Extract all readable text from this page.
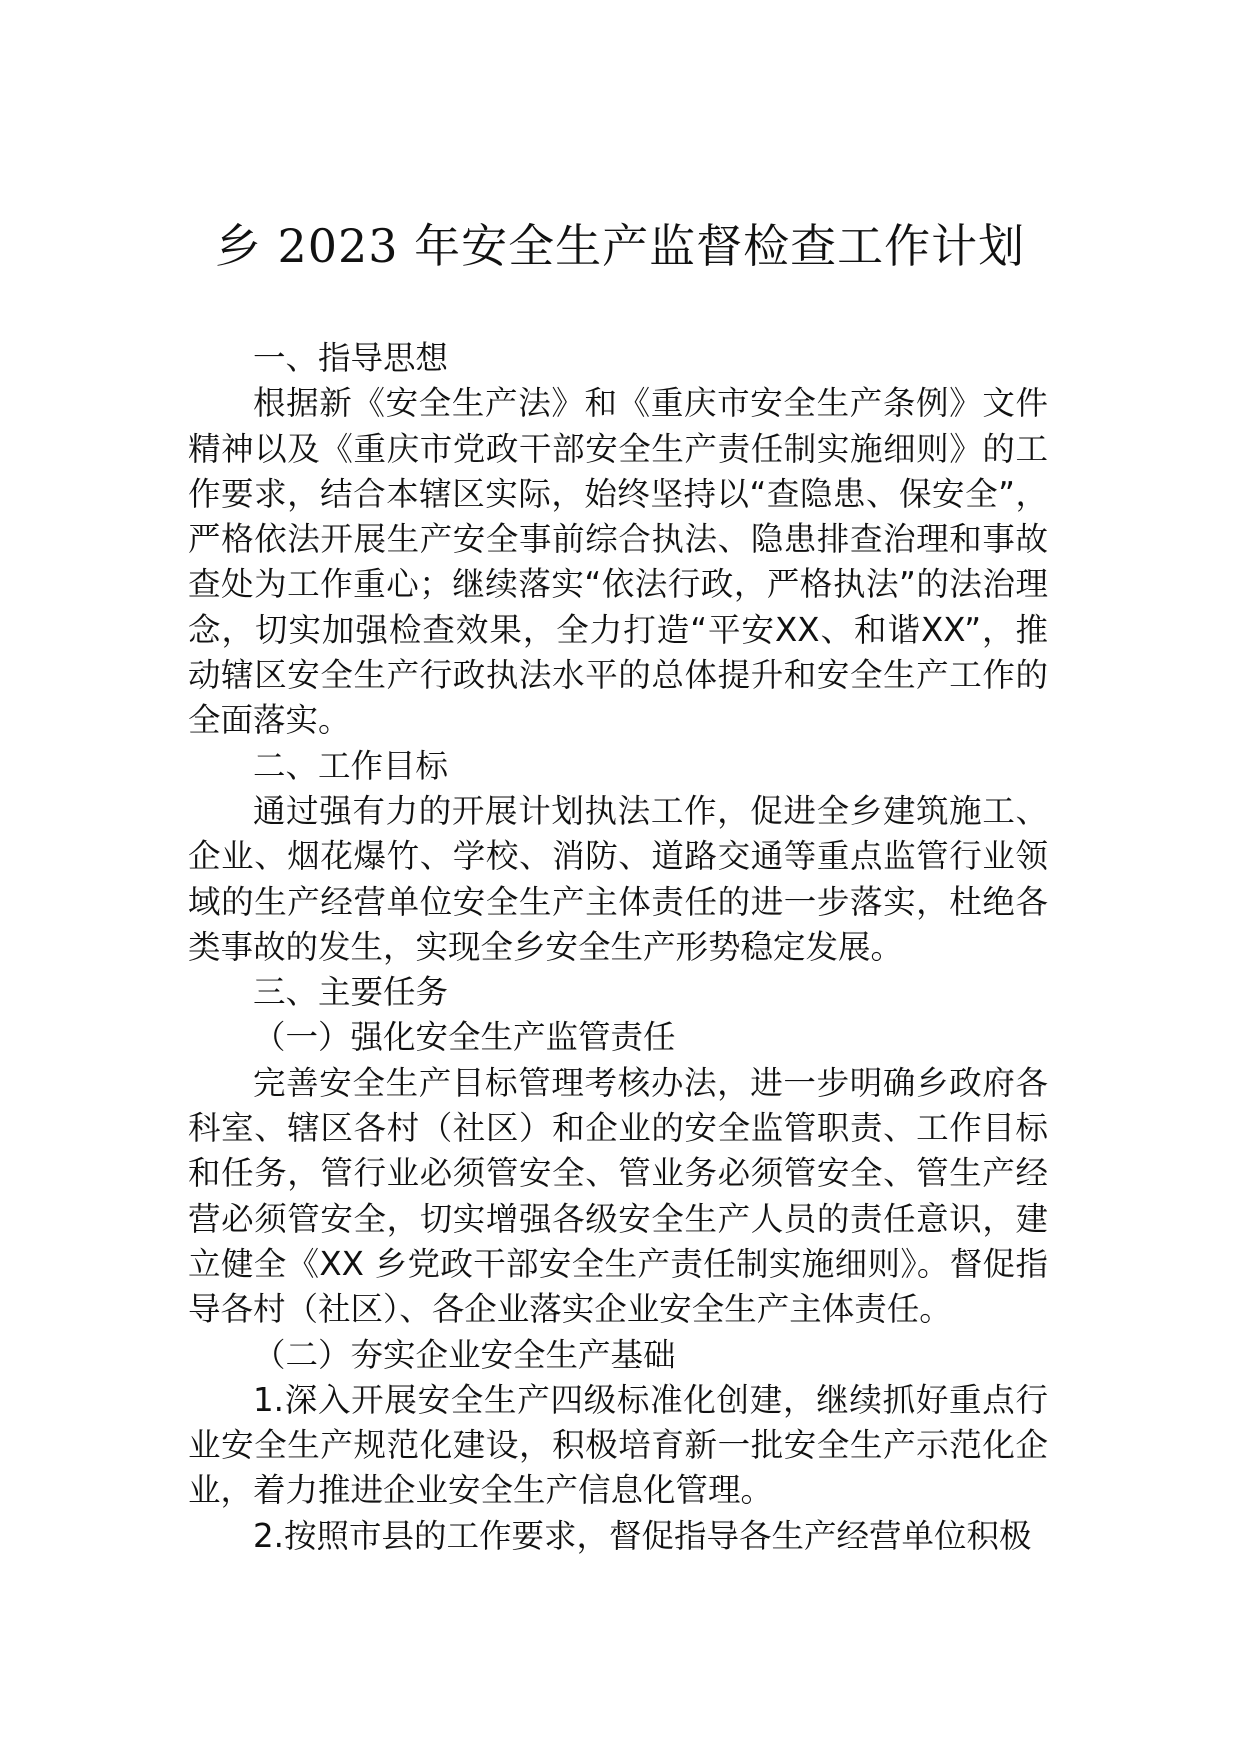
乡 2023 年安全生产监督检查工作计划

一、指导思想

根据新《安全生产法》和《重庆市安全生产条例》文件精神以及《重庆市党政干部安全生产责任制实施细则》的工作要求，结合本辖区实际，始终坚持以“查隐患、保安全”，严格依法开展生产安全事前综合执法、隐患排查治理和事故查处为工作重心；继续落实“依法行政，严格执法”的法治理念，切实加强检查效果，全力打造“平安XX、和谐XX”，推动辖区安全生产行政执法水平的总体提升和安全生产工作的全面落实。

二、工作目标

通过强有力的开展计划执法工作，促进全乡建筑施工、企业、烟花爆竹、学校、消防、道路交通等重点监管行业领域的生产经营单位安全生产主体责任的进一步落实，杜绝各类事故的发生，实现全乡安全生产形势稳定发展。

三、主要任务

（一）强化安全生产监管责任

完善安全生产目标管理考核办法，进一步明确乡政府各科室、辖区各村（社区）和企业的安全监管职责、工作目标和任务，管行业必须管安全、管业务必须管安全、管生产经营必须管安全，切实增强各级安全生产人员的责任意识，建立健全《XX 乡党政干部安全生产责任制实施细则》。督促指导各村（社区）、各企业落实企业安全生产主体责任。

（二）夯实企业安全生产基础

1.深入开展安全生产四级标准化创建，继续抓好重点行业安全生产规范化建设，积极培育新一批安全生产示范化企业，着力推进企业安全生产信息化管理。

2.按照市县的工作要求，督促指导各生产经营单位积极
